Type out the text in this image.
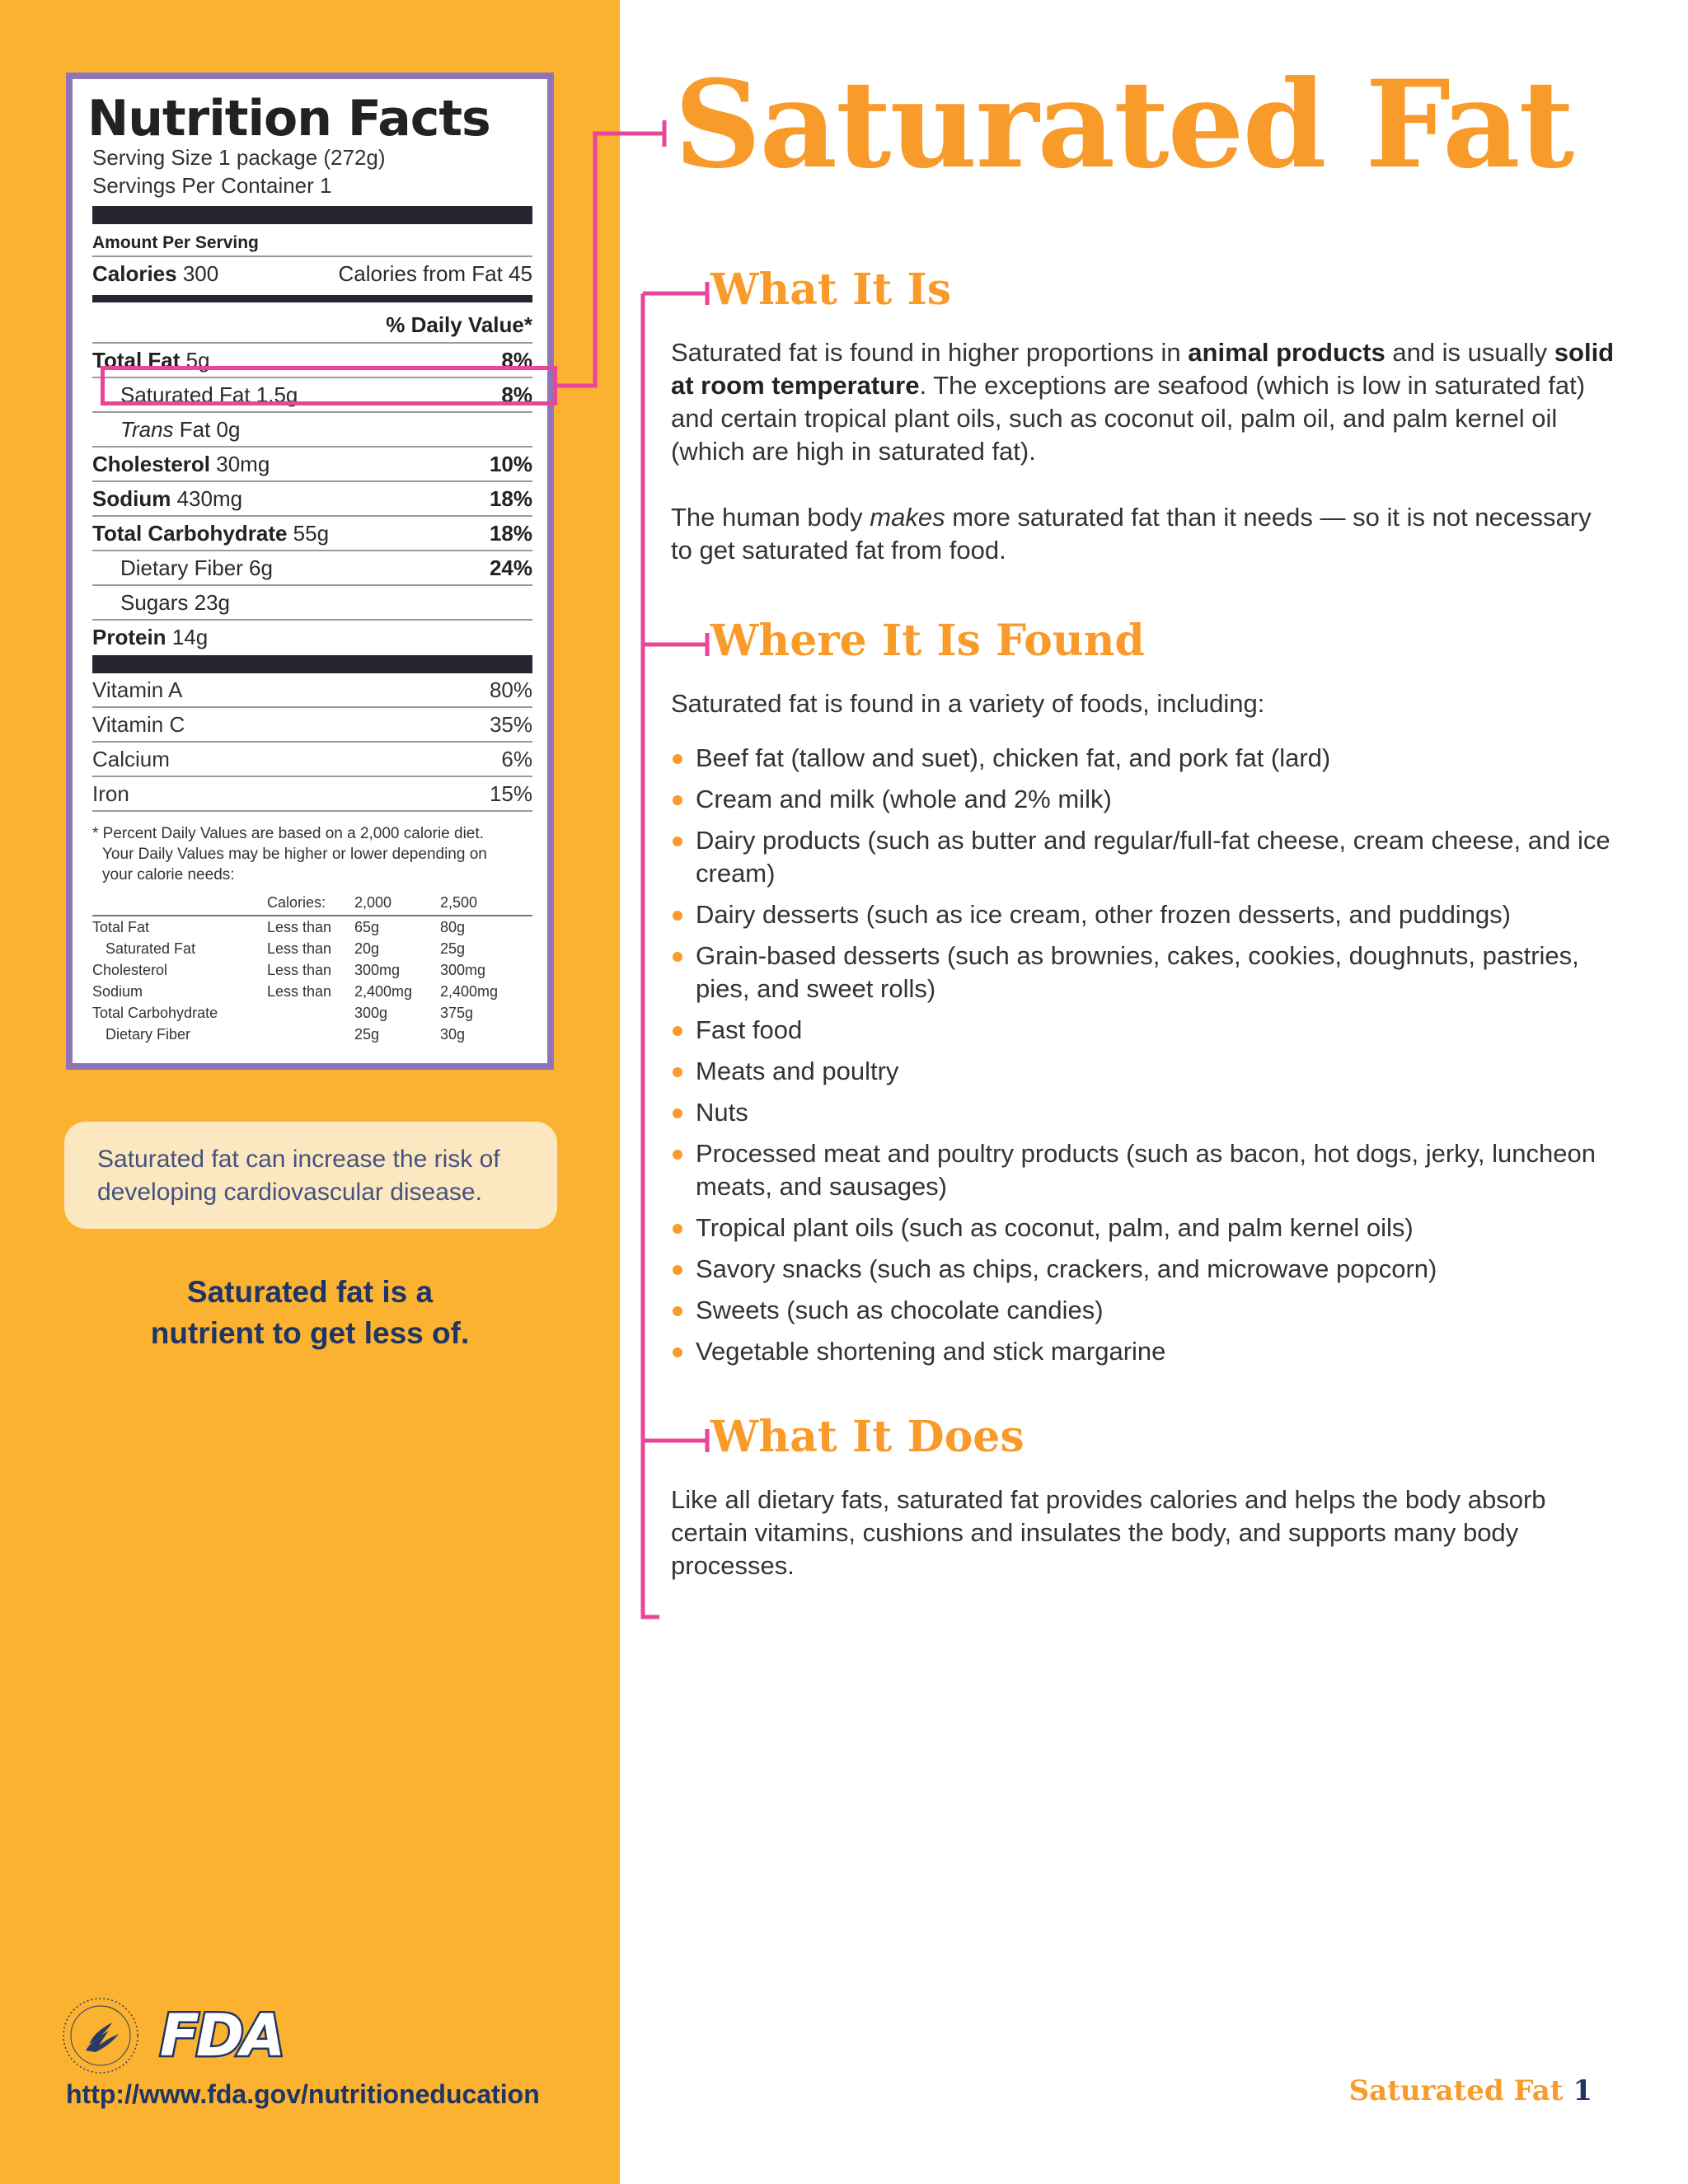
Nutrition Facts
Serving Size 1 package (272g)
Servings Per Container 1
Amount Per Serving
Calories 300	Calories from Fat 45
% Daily Value*
Total Fat 5g	8%
Saturated Fat 1.5g	8%
Trans Fat 0g
Cholesterol 30mg	10%
Sodium 430mg	18%
Total Carbohydrate 55g	18%
Dietary Fiber 6g	24%
Sugars 23g
Protein 14g
Vitamin A	80%
Vitamin C	35%
Calcium	6%
Iron	15%
* Percent Daily Values are based on a 2,000 calorie diet.
Your Daily Values may be higher or lower depending on
your calorie needs:
	Calories:	2,000	2,500
Total Fat	Less than	65g	80g
Saturated Fat	Less than	20g	25g
Cholesterol	Less than	300mg	300mg
Sodium	Less than	2,400mg	2,400mg
Total Carbohydrate		300g	375g
Dietary Fiber		25g	30g
Saturated fat can increase the risk of
developing cardiovascular disease.
Saturated fat is a
nutrient to get less of.
FDA
http://www.fda.gov/nutritioneducation
Saturated Fat
What It Is
Saturated fat is found in higher proportions in animal products and is usually solid at room temperature. The exceptions are seafood (which is low in saturated fat) and certain tropical plant oils, such as coconut oil, palm oil, and palm kernel oil (which are high in saturated fat).
The human body makes more saturated fat than it needs — so it is not necessary to get saturated fat from food.
Where It Is Found
Saturated fat is found in a variety of foods, including:
Beef fat (tallow and suet), chicken fat, and pork fat (lard)
Cream and milk (whole and 2% milk)
Dairy products (such as butter and regular/full-fat cheese, cream cheese, and ice cream)
Dairy desserts (such as ice cream, other frozen desserts, and puddings)
Grain-based desserts (such as brownies, cakes, cookies, doughnuts, pastries, pies, and sweet rolls)
Fast food
Meats and poultry
Nuts
Processed meat and poultry products (such as bacon, hot dogs, jerky, luncheon meats, and sausages)
Tropical plant oils (such as coconut, palm, and palm kernel oils)
Savory snacks (such as chips, crackers, and microwave popcorn)
Sweets (such as chocolate candies)
Vegetable shortening and stick margarine
What It Does
Like all dietary fats, saturated fat provides calories and helps the body absorb certain vitamins, cushions and insulates the body, and supports many body processes.
Saturated Fat 1
